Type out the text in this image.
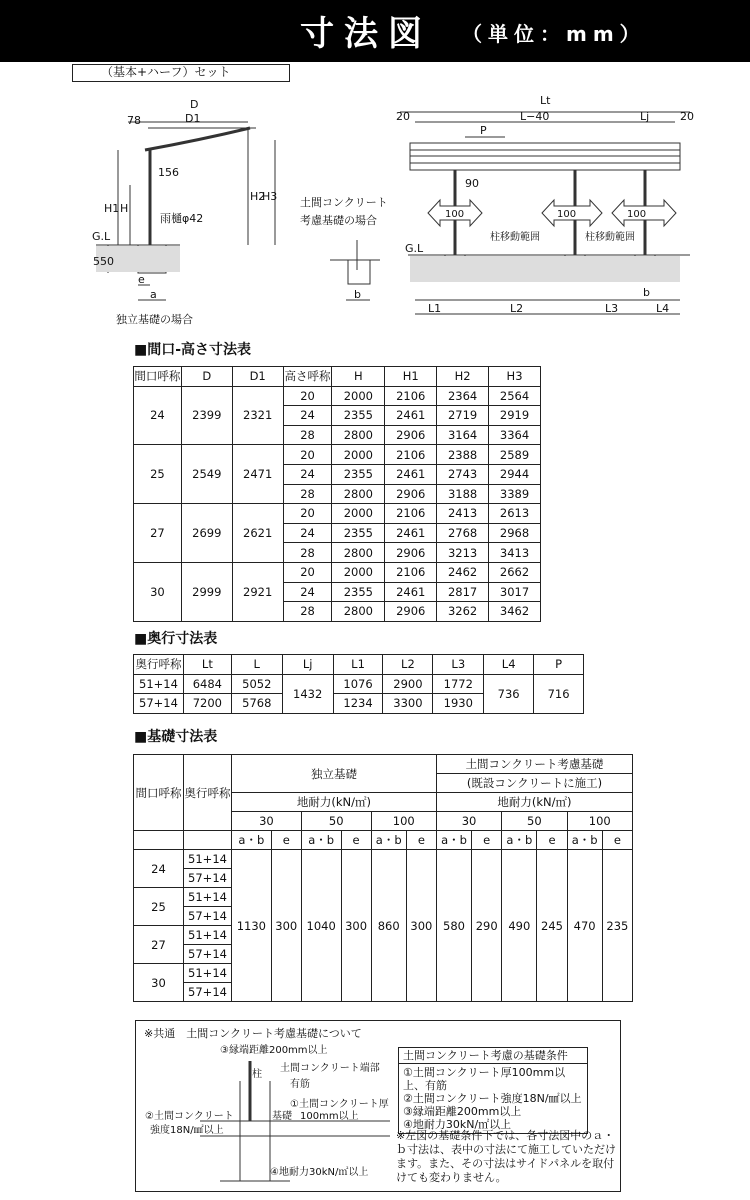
寸法図 （単位：mm）
（基本+ハーフ）セット
D
D1
78
156
H1 H
H2
H3
雨樋φ42
G.L
550
e
a
独立基礎の場合
土間コンクリート
考慮基礎の場合
b
Lt
L−40	Lj
20	20
P
90
100	100	100
柱移動範囲	柱移動範囲
G.L
b
L1	L2	L3	L4
■間口-高さ寸法表
間口呼称	D	D1	高さ呼称	H	H1	H2	H3
24	2399	2321	20	2000	2106	2364	2564
			24	2355	2461	2719	2919
			28	2800	2906	3164	3364
25	2549	2471	20	2000	2106	2388	2589
			24	2355	2461	2743	2944
			28	2800	2906	3188	3389
27	2699	2621	20	2000	2106	2413	2613
			24	2355	2461	2768	2968
			28	2800	2906	3213	3413
30	2999	2921	20	2000	2106	2462	2662
			24	2355	2461	2817	3017
			28	2800	2906	3262	3462
■奥行寸法表
奥行呼称	Lt	L	Lj	L1	L2	L3	L4	P
51+14	6484	5052	1432	1076	2900	1772	736	716
57+14	7200	5768		1234	3300	1930		
■基礎寸法表
間口呼称	奥行呼称	独立基礎						土間コンクリート考慮基礎					
								(既設コンクリートに施工)					
		地耐力(kN/㎡)						地耐力(kN/㎡)					
		30		50		100		30		50		100	
		a・b	e	a・b	e	a・b	e	a・b	e	a・b	e	a・b	e
24	51+14	1130	300	1040	300	860	300	580	290	490	245	470	235
	57+14												
25	51+14												
	57+14												
27	51+14												
	57+14												
30	51+14												
	57+14												
※共通　土間コンクリート考慮基礎について
③縁端距離200mm以上
柱
土間コンクリート端部
有筋
①土間コンクリート厚
100mm以上
②土間コンクリート
強度18N/㎟以上
基礎
④地耐力30kN/㎡以上
土間コンクリート考慮の基礎条件
①土間コンクリート厚100mm以上、有筋
②土間コンクリート強度18N/㎟以上
③縁端距離200mm以上
④地耐力30kN/㎡以上
※左図の基礎条件下では、各寸法図中のａ・ｂ寸法は、表中の寸法にて施工していただけます。また、その寸法はサイドパネルを取付けても変わりません。
